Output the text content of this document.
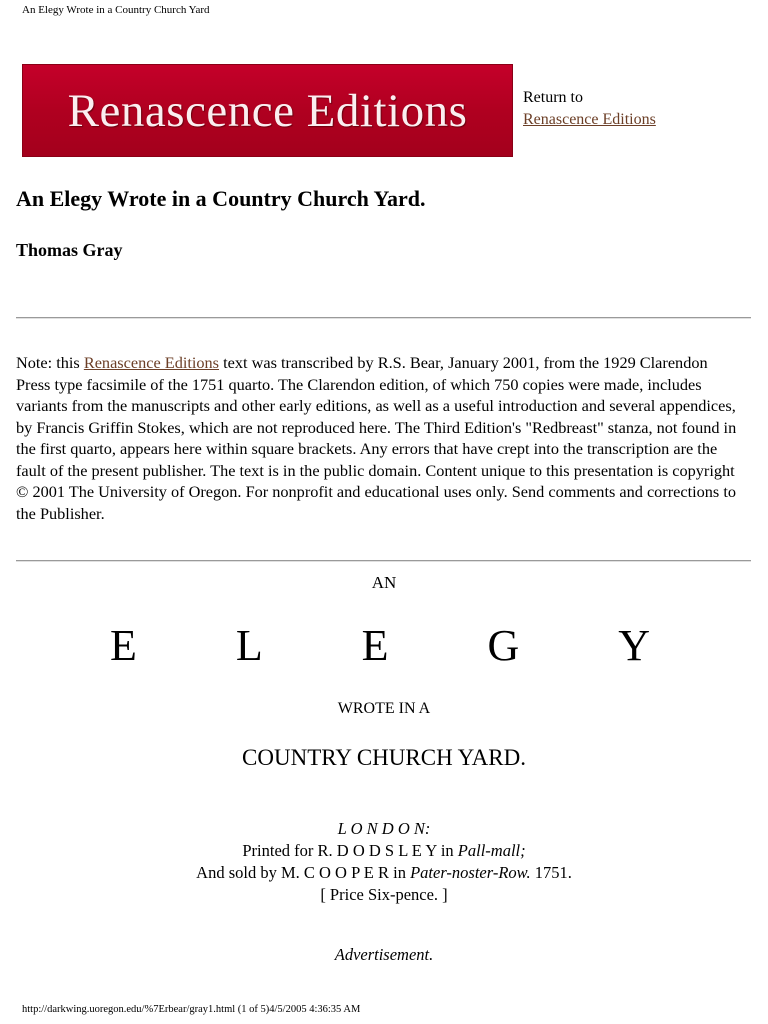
An Elegy Wrote in a Country Church Yard
Renascence Editions	Return to
Renascence Editions
An Elegy Wrote in a Country Church Yard.
Thomas Gray

Note: this Renascence Editions text was transcribed by R.S. Bear, January 2001, from the 1929 Clarendon Press type facsimile of the 1751 quarto. The Clarendon edition, of which 750 copies were made, includes variants from the manuscripts and other early editions, as well as a useful introduction and several appendices, by Francis Griffin Stokes, which are not reproduced here. The Third Edition's "Redbreast" stanza, not found in the first quarto, appears here within square brackets. Any errors that have crept into the transcription are the fault of the present publisher. The text is in the public domain. Content unique to this presentation is copyright © 2001 The University of Oregon. For nonprofit and educational uses only. Send comments and corrections to the Publisher.

AN

E L E G Y

WROTE IN A

COUNTRY CHURCH YARD.

L O N D O N:
Printed for R. D O D S L E Y in Pall-mall;
And sold by M. C O O P E R in Pater-noster-Row. 1751.
[ Price Six-pence. ]

Advertisement.

http://darkwing.uoregon.edu/%7Erbear/gray1.html (1 of 5)4/5/2005 4:36:35 AM
